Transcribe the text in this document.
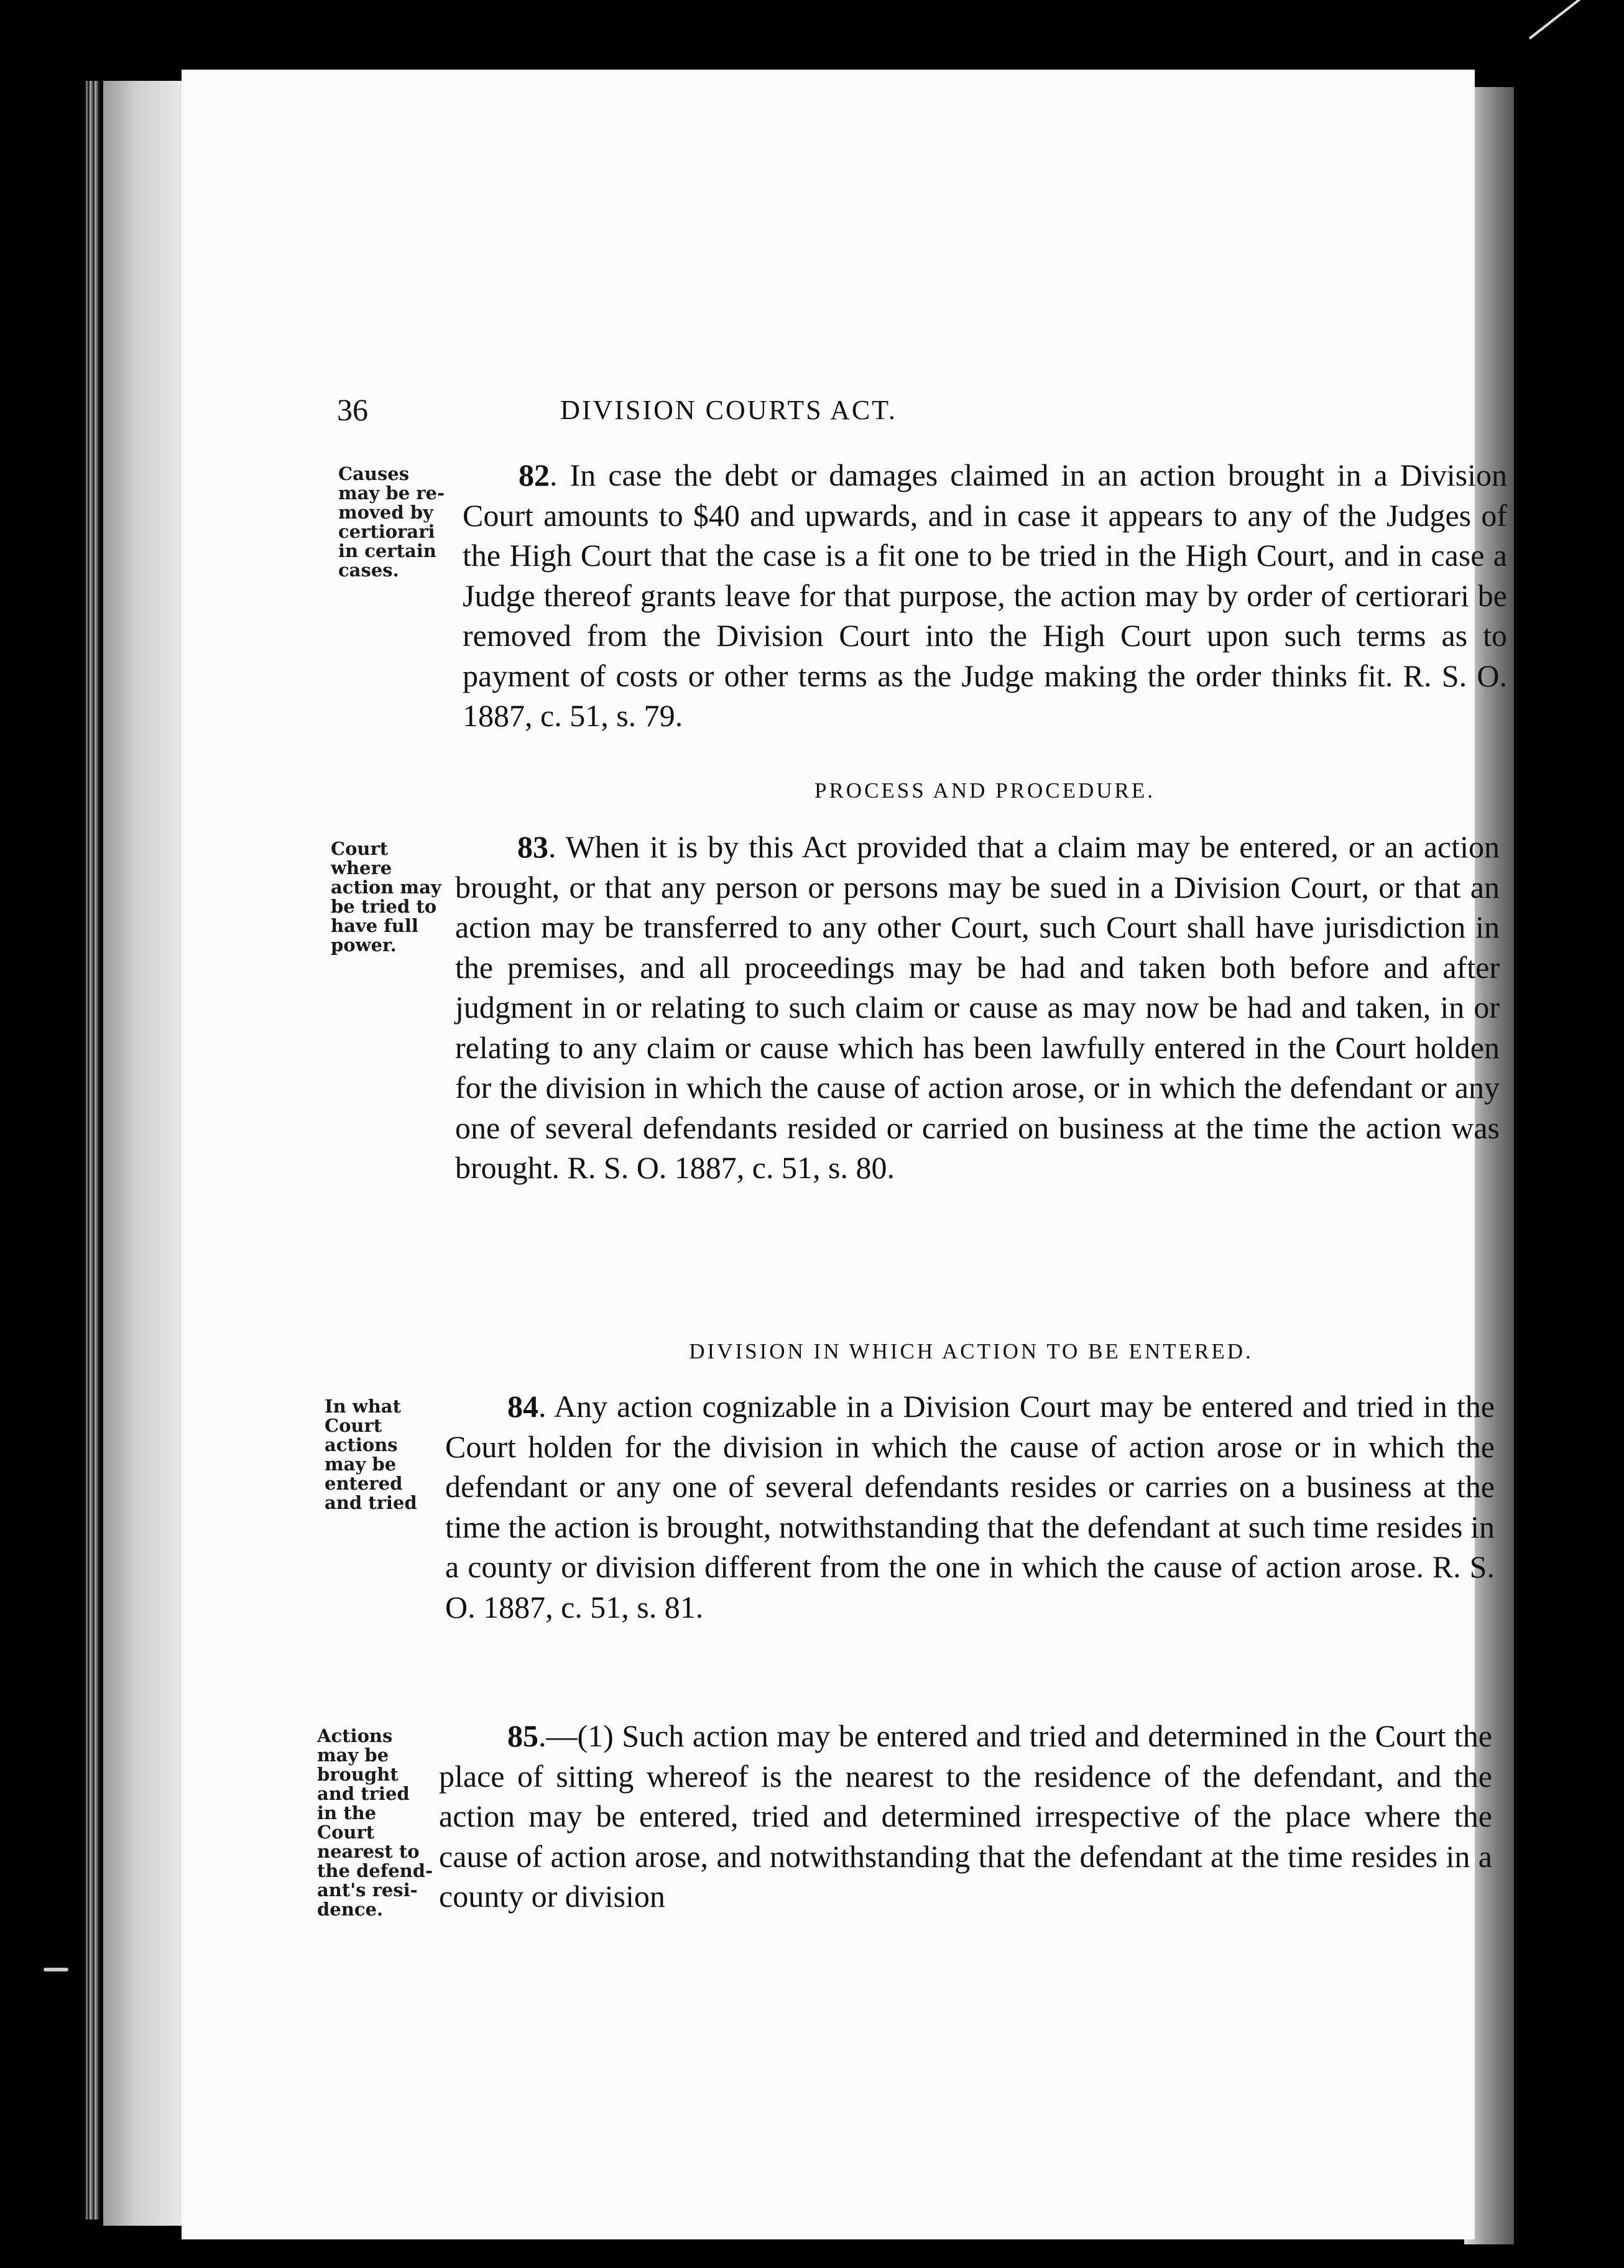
36	DIVISION COURTS ACT.
Causes
may be re-
moved by
certiorari
in certain
cases.
82. In case the debt or damages claimed in an action brought in a Division Court amounts to $40 and upwards, and in case it appears to any of the Judges of the High Court that the case is a fit one to be tried in the High Court, and in case a Judge thereof grants leave for that purpose, the action may by order of certiorari be removed from the Division Court into the High Court upon such terms as to payment of costs or other terms as the Judge making the order thinks fit. R. S. O. 1887, c. 51, s. 79.
PROCESS AND PROCEDURE.
Court
where
action may
be tried to
have full
power.
83. When it is by this Act provided that a claim may be entered, or an action brought, or that any person or persons may be sued in a Division Court, or that an action may be transferred to any other Court, such Court shall have jurisdiction in the premises, and all proceedings may be had and taken both before and after judgment in or relating to such claim or cause as may now be had and taken, in or relating to any claim or cause which has been lawfully entered in the Court holden for the division in which the cause of action arose, or in which the defendant or any one of several defendants resided or carried on business at the time the action was brought. R. S. O. 1887, c. 51, s. 80.
DIVISION IN WHICH ACTION TO BE ENTERED.
In what
Court
actions
may be
entered
and tried
84. Any action cognizable in a Division Court may be entered and tried in the Court holden for the division in which the cause of action arose or in which the defendant or any one of several defendants resides or carries on a business at the time the action is brought, notwithstanding that the defendant at such time resides in a county or division different from the one in which the cause of action arose. R. S. O. 1887, c. 51, s. 81.
Actions
may be
brought
and tried
in the
Court
nearest to
the defend-
ant's resi-
dence.
85.—(1) Such action may be entered and tried and determined in the Court the place of sitting whereof is the nearest to the residence of the defendant, and the action may be entered, tried and determined irrespective of the place where the cause of action arose, and notwithstanding that the defendant at the time resides in a county or division
